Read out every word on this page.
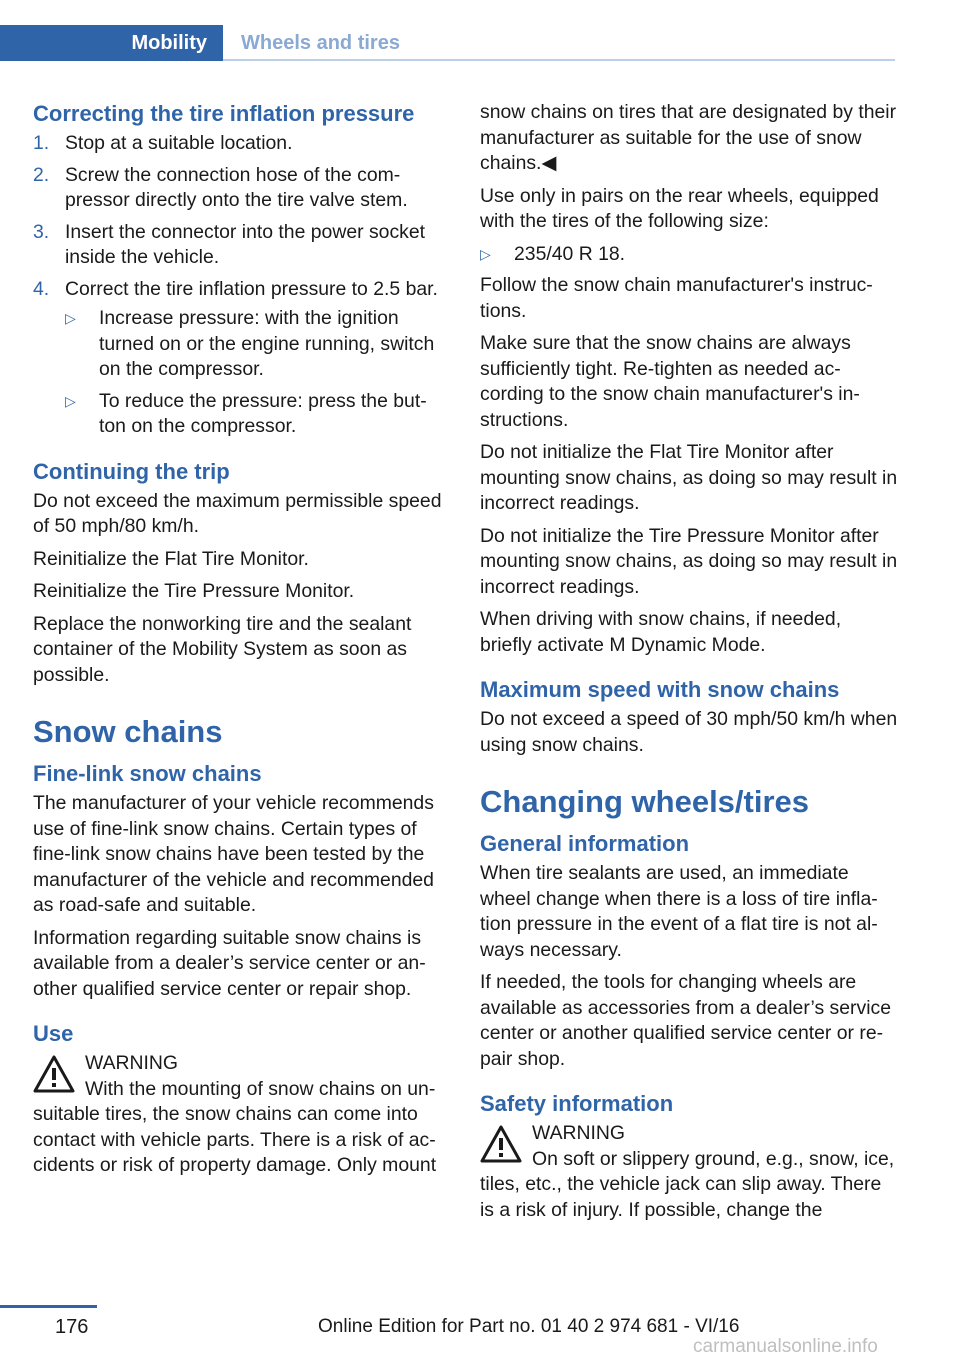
Mobility	Wheels and tires
Correcting the tire inflation pressure
1. Stop at a suitable location.
2. Screw the connection hose of the com-pressor directly onto the tire valve stem.
3. Insert the connector into the power socket inside the vehicle.
4. Correct the tire inflation pressure to 2.5 bar.
▷ Increase pressure: with the ignition turned on or the engine running, switch on the compressor.
▷ To reduce the pressure: press the but-ton on the compressor.
Continuing the trip

Do not exceed the maximum permissible speed of 50 mph/80 km/h.

Reinitialize the Flat Tire Monitor.

Reinitialize the Tire Pressure Monitor.

Replace the nonworking tire and the sealant container of the Mobility System as soon as possible.

Snow chains
Fine-link snow chains

The manufacturer of your vehicle recommends use of fine-link snow chains. Certain types of fine-link snow chains have been tested by the manufacturer of the vehicle and recommended as road-safe and suitable.

Information regarding suitable snow chains is available from a dealer’s service center or an-other qualified service center or repair shop.

Use
WARNING
With the mounting of snow chains on un-suitable tires, the snow chains can come into contact with vehicle parts. There is a risk of ac-cidents or risk of property damage. Only mount

snow chains on tires that are designated by their manufacturer as suitable for the use of snow chains.◀

Use only in pairs on the rear wheels, equipped with the tires of the following size:

▷ 235/40 R 18.

Follow the snow chain manufacturer's instruc-tions.

Make sure that the snow chains are always sufficiently tight. Re-tighten as needed ac-cording to the snow chain manufacturer's in-structions.

Do not initialize the Flat Tire Monitor after mounting snow chains, as doing so may result in incorrect readings.

Do not initialize the Tire Pressure Monitor after mounting snow chains, as doing so may result in incorrect readings.

When driving with snow chains, if needed, briefly activate M Dynamic Mode.

Maximum speed with snow chains

Do not exceed a speed of 30 mph/50 km/h when using snow chains.

Changing wheels/tires
General information

When tire sealants are used, an immediate wheel change when there is a loss of tire infla-tion pressure in the event of a flat tire is not al-ways necessary.

If needed, the tools for changing wheels are available as accessories from a dealer’s service center or another qualified service center or re-pair shop.

Safety information
WARNING
On soft or slippery ground, e.g., snow, ice, tiles, etc., the vehicle jack can slip away. There is a risk of injury. If possible, change the
176	Online Edition for Part no. 01 40 2 974 681 - VI/16
carmanualsonline.info
